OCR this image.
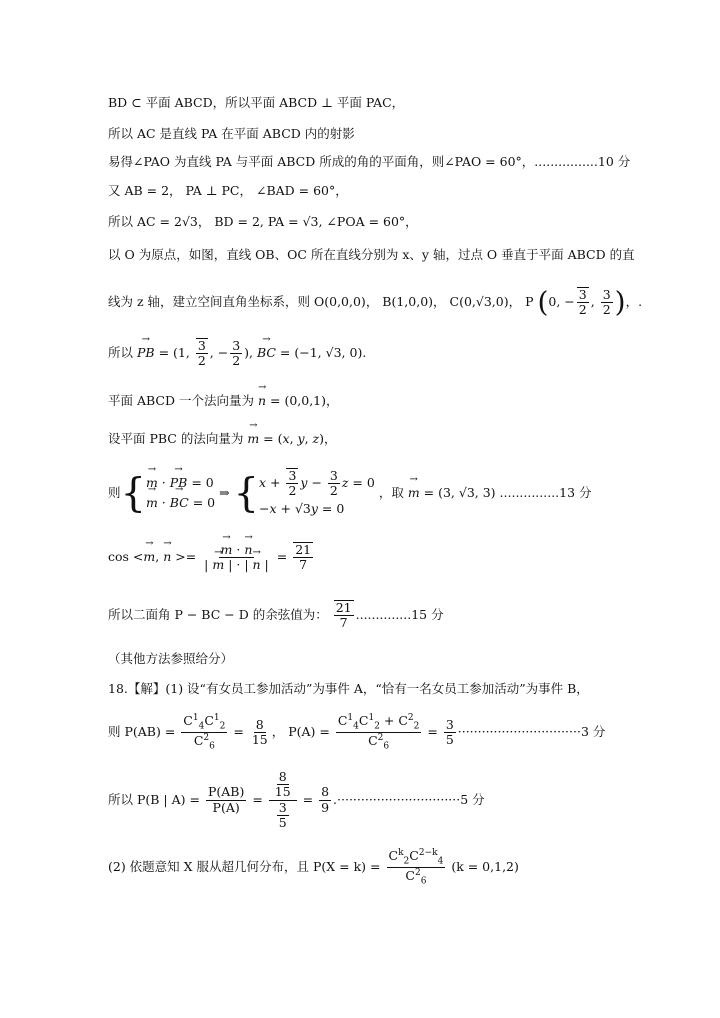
BD ⊂ 平面 ABCD，所以平面 ABCD ⊥ 平面 PAC，
所以 AC 是直线 PA 在平面 ABCD 内的射影
易得∠PAO 为直线 PA 与平面 ABCD 所成的角的平面角，则∠PAO = 60°，................10 分
又 AB = 2， PA ⊥ PC， ∠BAD = 60°，
所以 AC = 2√3， BD = 2, PA = √3, ∠POA = 60°，
以 O 为原点，如图，直线 OB、OC 所在直线分别为 x、y 轴，过点 O 垂直于平面 ABCD 的直
线为 z 轴，建立空间直角坐标系，则 O(0,0,0)， B(1,0,0)， C(0,√3,0)， P (0, − $\frac{3}{2}$ , $\frac{3}{2}$ )，.
所以 → PB = (1, $\frac{3}{2}$ , − $\frac{3}{2}$ ), → BC = (−1, √3, 0).
平面 ABCD 一个法向量为 → n = (0,0,1)，
设平面 PBC 的法向量为 → m = (x, y, z)，
则{ → m · → PB = 0
→ m · → BC = 0
⇒ { $x + \frac{3}{2}$ $y - \frac{3}{2}$ z = 0
−x + √3y = 0
，取 → m = (3, √3, 3) ...............13 分
cos <→ m, → n >= → $\frac{m \cdot \to n}{| \to m | \cdot | \to n |} = \frac{21}{7}$
所以二面角 P − BC − D 的余弦值为： $\frac{21}{7} ..............15$ 分
（其他方法参照给分）
18.【解】(1) 设“有女员工参加活动”为事件 A，“恰有一名女员工参加活动”为事件 B，
则 $P(AB) = \frac{C^1_4C^1_2}{C^2_6} = \frac{8}{15}$ ， $P(A) = \frac{C^1_4C^1_2 + C^2_2}{C^2_6} = \frac{3}{5} \cdot\cdot\cdot\cdot\cdot\cdot\cdot\cdot\cdot\cdot\cdot\cdot\cdot\cdot\cdot\cdot\cdot\cdot\cdot\cdot\cdot\cdot\cdot\cdot\cdot\cdot\cdot\cdot\cdot\cdot\cdot 3$ 分
所以 P(B | $A) = \frac{P(AB)}{P(A)} = \frac{\frac{8}{15}}{\frac{3}{5}} = \frac{8}{9} .\cdot\cdot\cdot\cdot\cdot\cdot\cdot\cdot\cdot\cdot\cdot\cdot\cdot\cdot\cdot\cdot\cdot\cdot\cdot\cdot\cdot\cdot\cdot\cdot\cdot\cdot\cdot\cdot\cdot\cdot\cdot 5$ 分
(2) 依题意知 X 服从超几何分布，且 $P(X = k) = \frac{C^k_2C^{2-k}_4}{C^2_6} (k = 0,1,2)$
